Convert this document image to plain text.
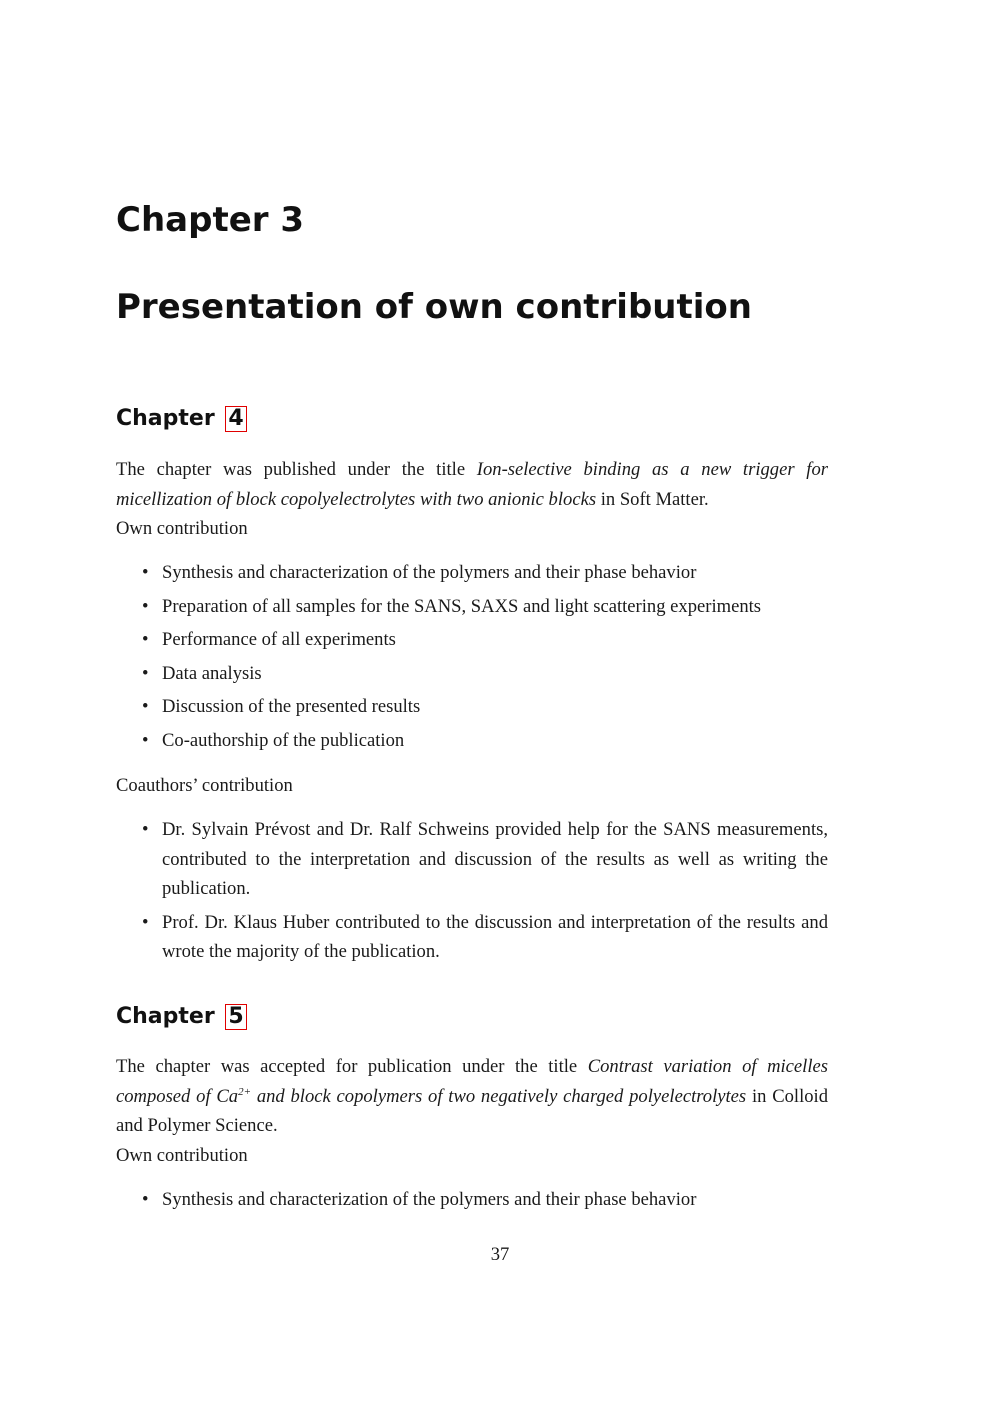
Chapter 3
Presentation of own contribution
Chapter 4

The chapter was published under the title Ion-selective binding as a new trigger for micellization of block copolyelectrolytes with two anionic blocks in Soft Matter.

Own contribution

• Synthesis and characterization of the polymers and their phase behavior
• Preparation of all samples for the SANS, SAXS and light scattering experiments
• Performance of all experiments
• Data analysis
• Discussion of the presented results
• Co-authorship of the publication

Coauthors’ contribution

• Dr. Sylvain Prévost and Dr. Ralf Schweins provided help for the SANS measurements, contributed to the interpretation and discussion of the results as well as writing the publication.
• Prof. Dr. Klaus Huber contributed to the discussion and interpretation of the results and wrote the majority of the publication.
Chapter 5

The chapter was accepted for publication under the title Contrast variation of micelles composed of $Ca^{2+}$ and block copolymers of two negatively charged polyelectrolytes in Colloid and Polymer Science.

Own contribution

• Synthesis and characterization of the polymers and their phase behavior

37
